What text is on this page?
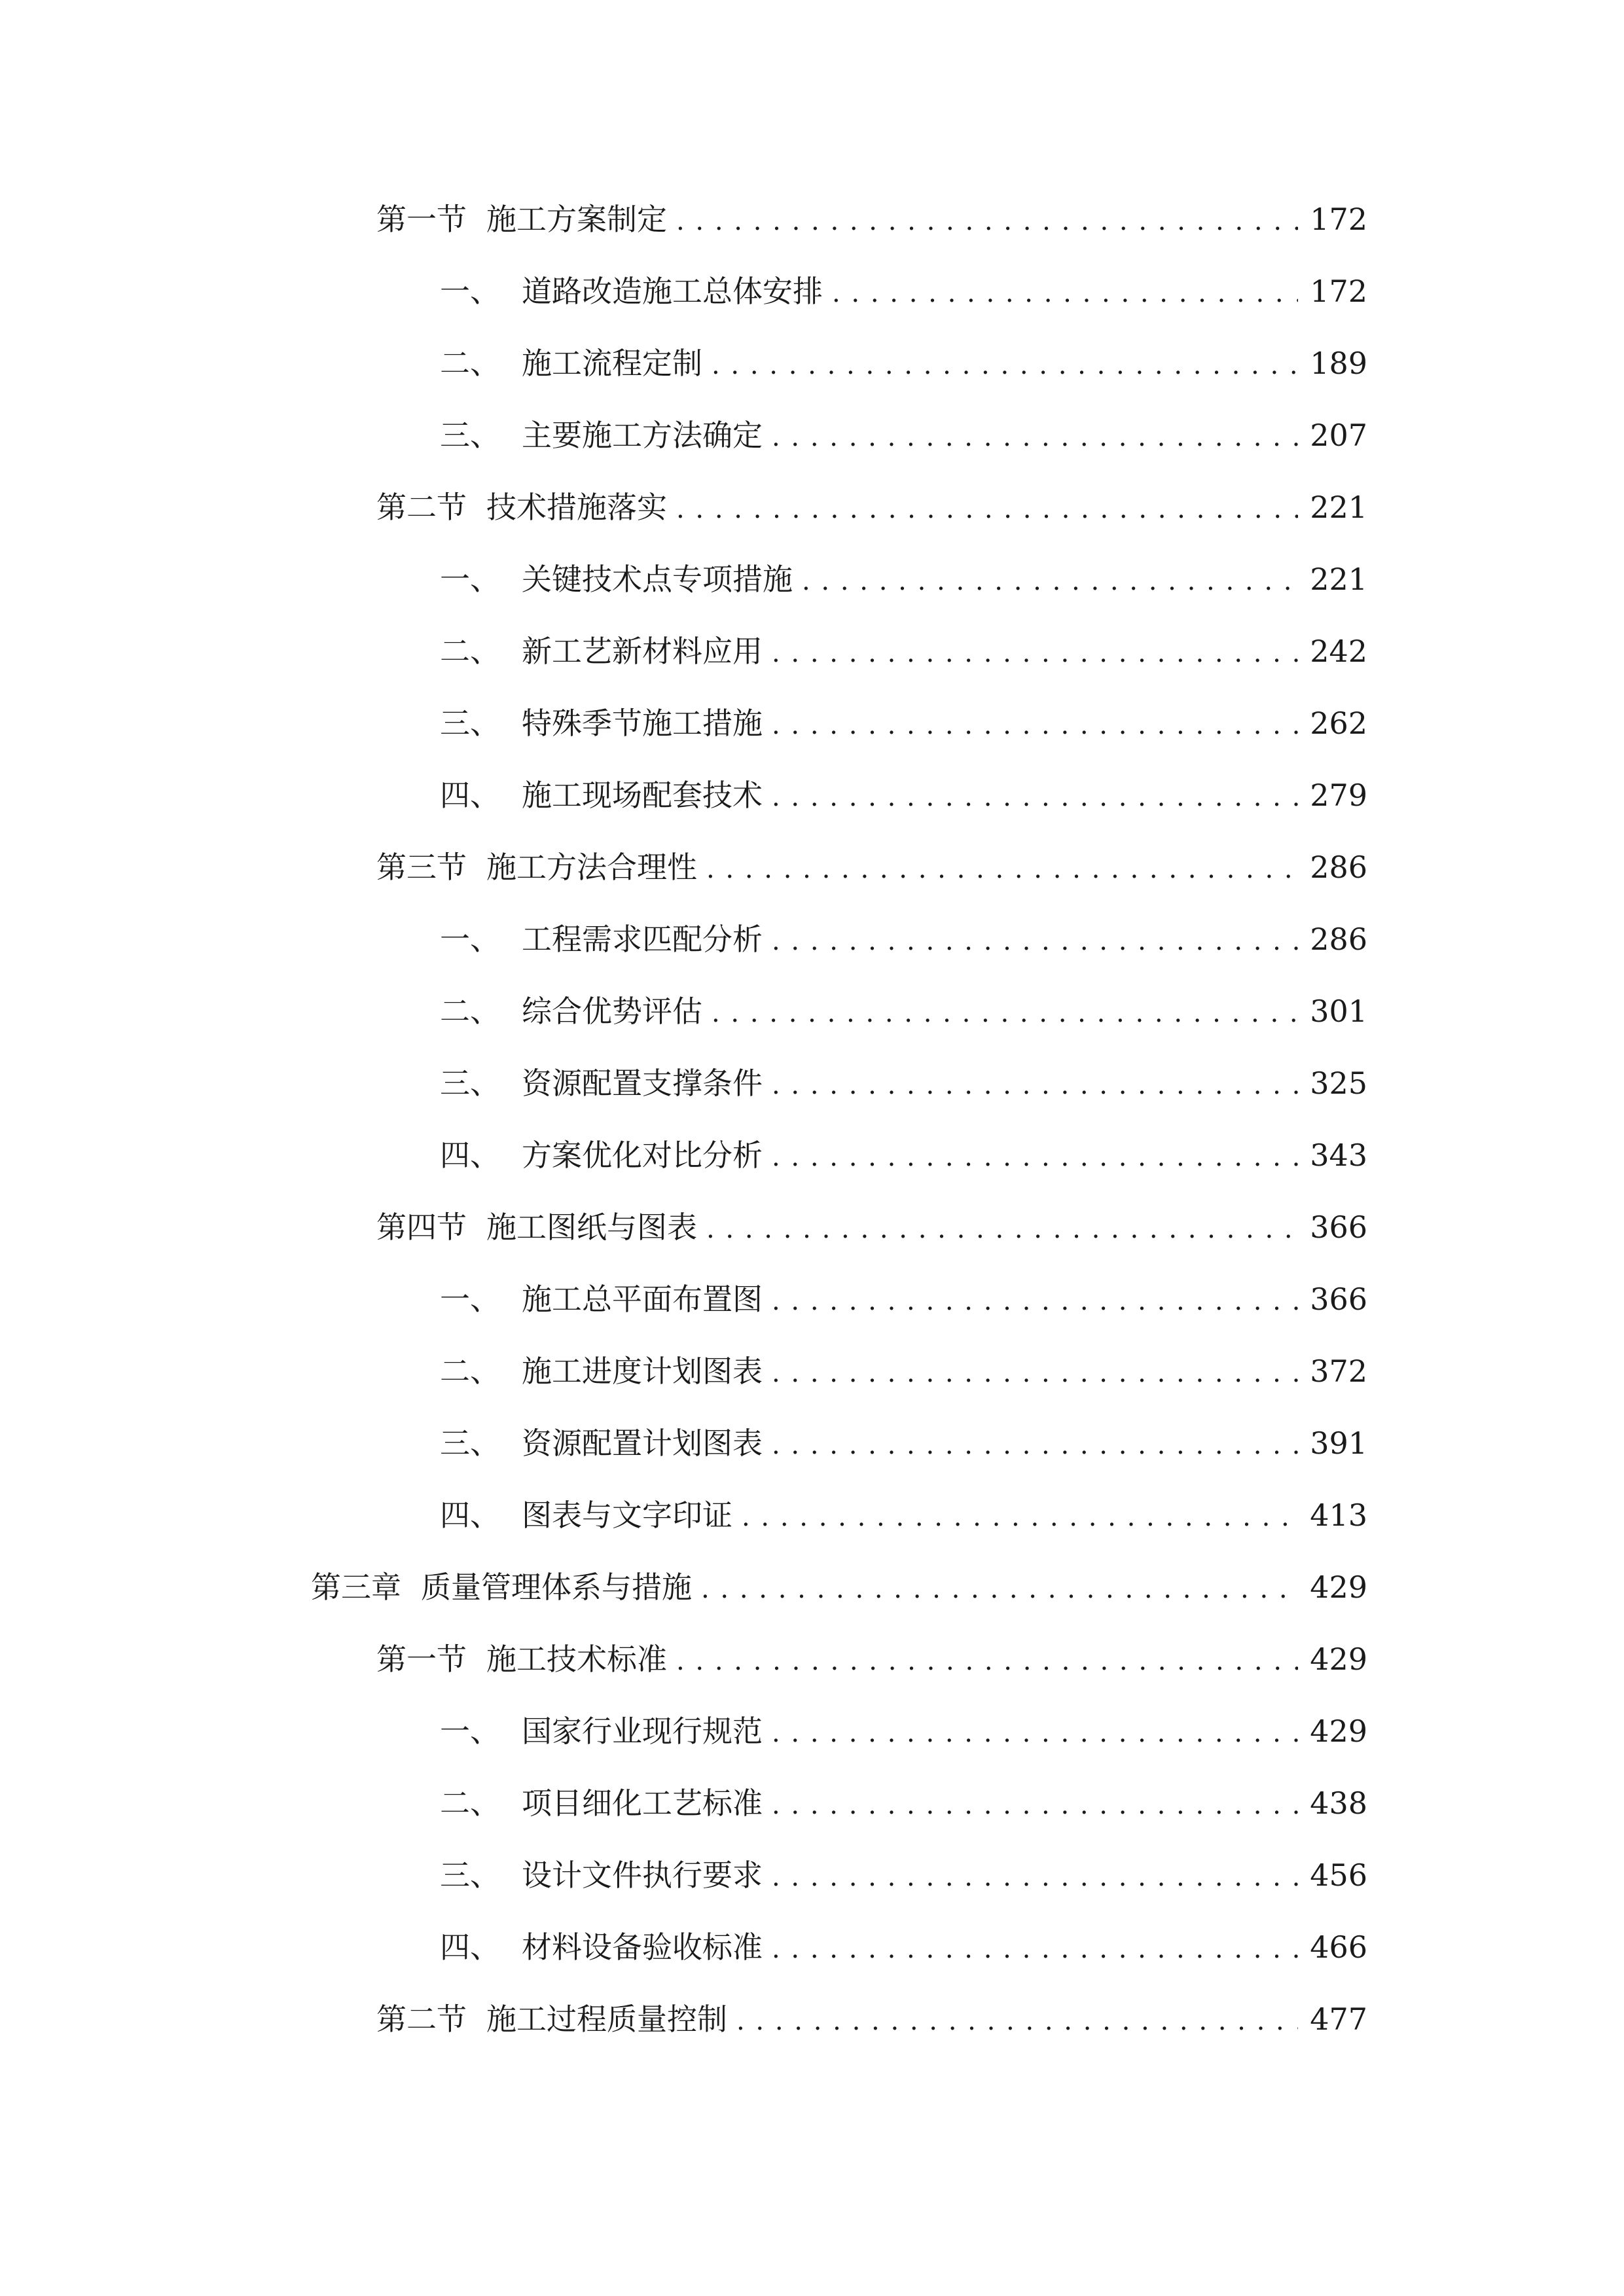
第一节 施工方案制定 . . .	172
一、 道路改造施工总体安排 . . .	172
二、 施工流程定制 . . .	189
三、 主要施工方法确定 . . .	207
第二节 技术措施落实 . . .	221
一、 关键技术点专项措施 . . .	221
二、 新工艺新材料应用 . . .	242
三、 特殊季节施工措施 . . .	262
四、 施工现场配套技术 . . .	279
第三节 施工方法合理性 . . .	286
一、 工程需求匹配分析 . . .	286
二、 综合优势评估 . . .	301
三、 资源配置支撑条件 . . .	325
四、 方案优化对比分析 . . .	343
第四节 施工图纸与图表 . . .	366
一、 施工总平面布置图 . . .	366
二、 施工进度计划图表 . . .	372
三、 资源配置计划图表 . . .	391
四、 图表与文字印证 . . .	413
第三章 质量管理体系与措施 . . .	429
第一节 施工技术标准 . . .	429
一、 国家行业现行规范 . . .	429
二、 项目细化工艺标准 . . .	438
三、 设计文件执行要求 . . .	456
四、 材料设备验收标准 . . .	466
第二节 施工过程质量控制 . . .	477
